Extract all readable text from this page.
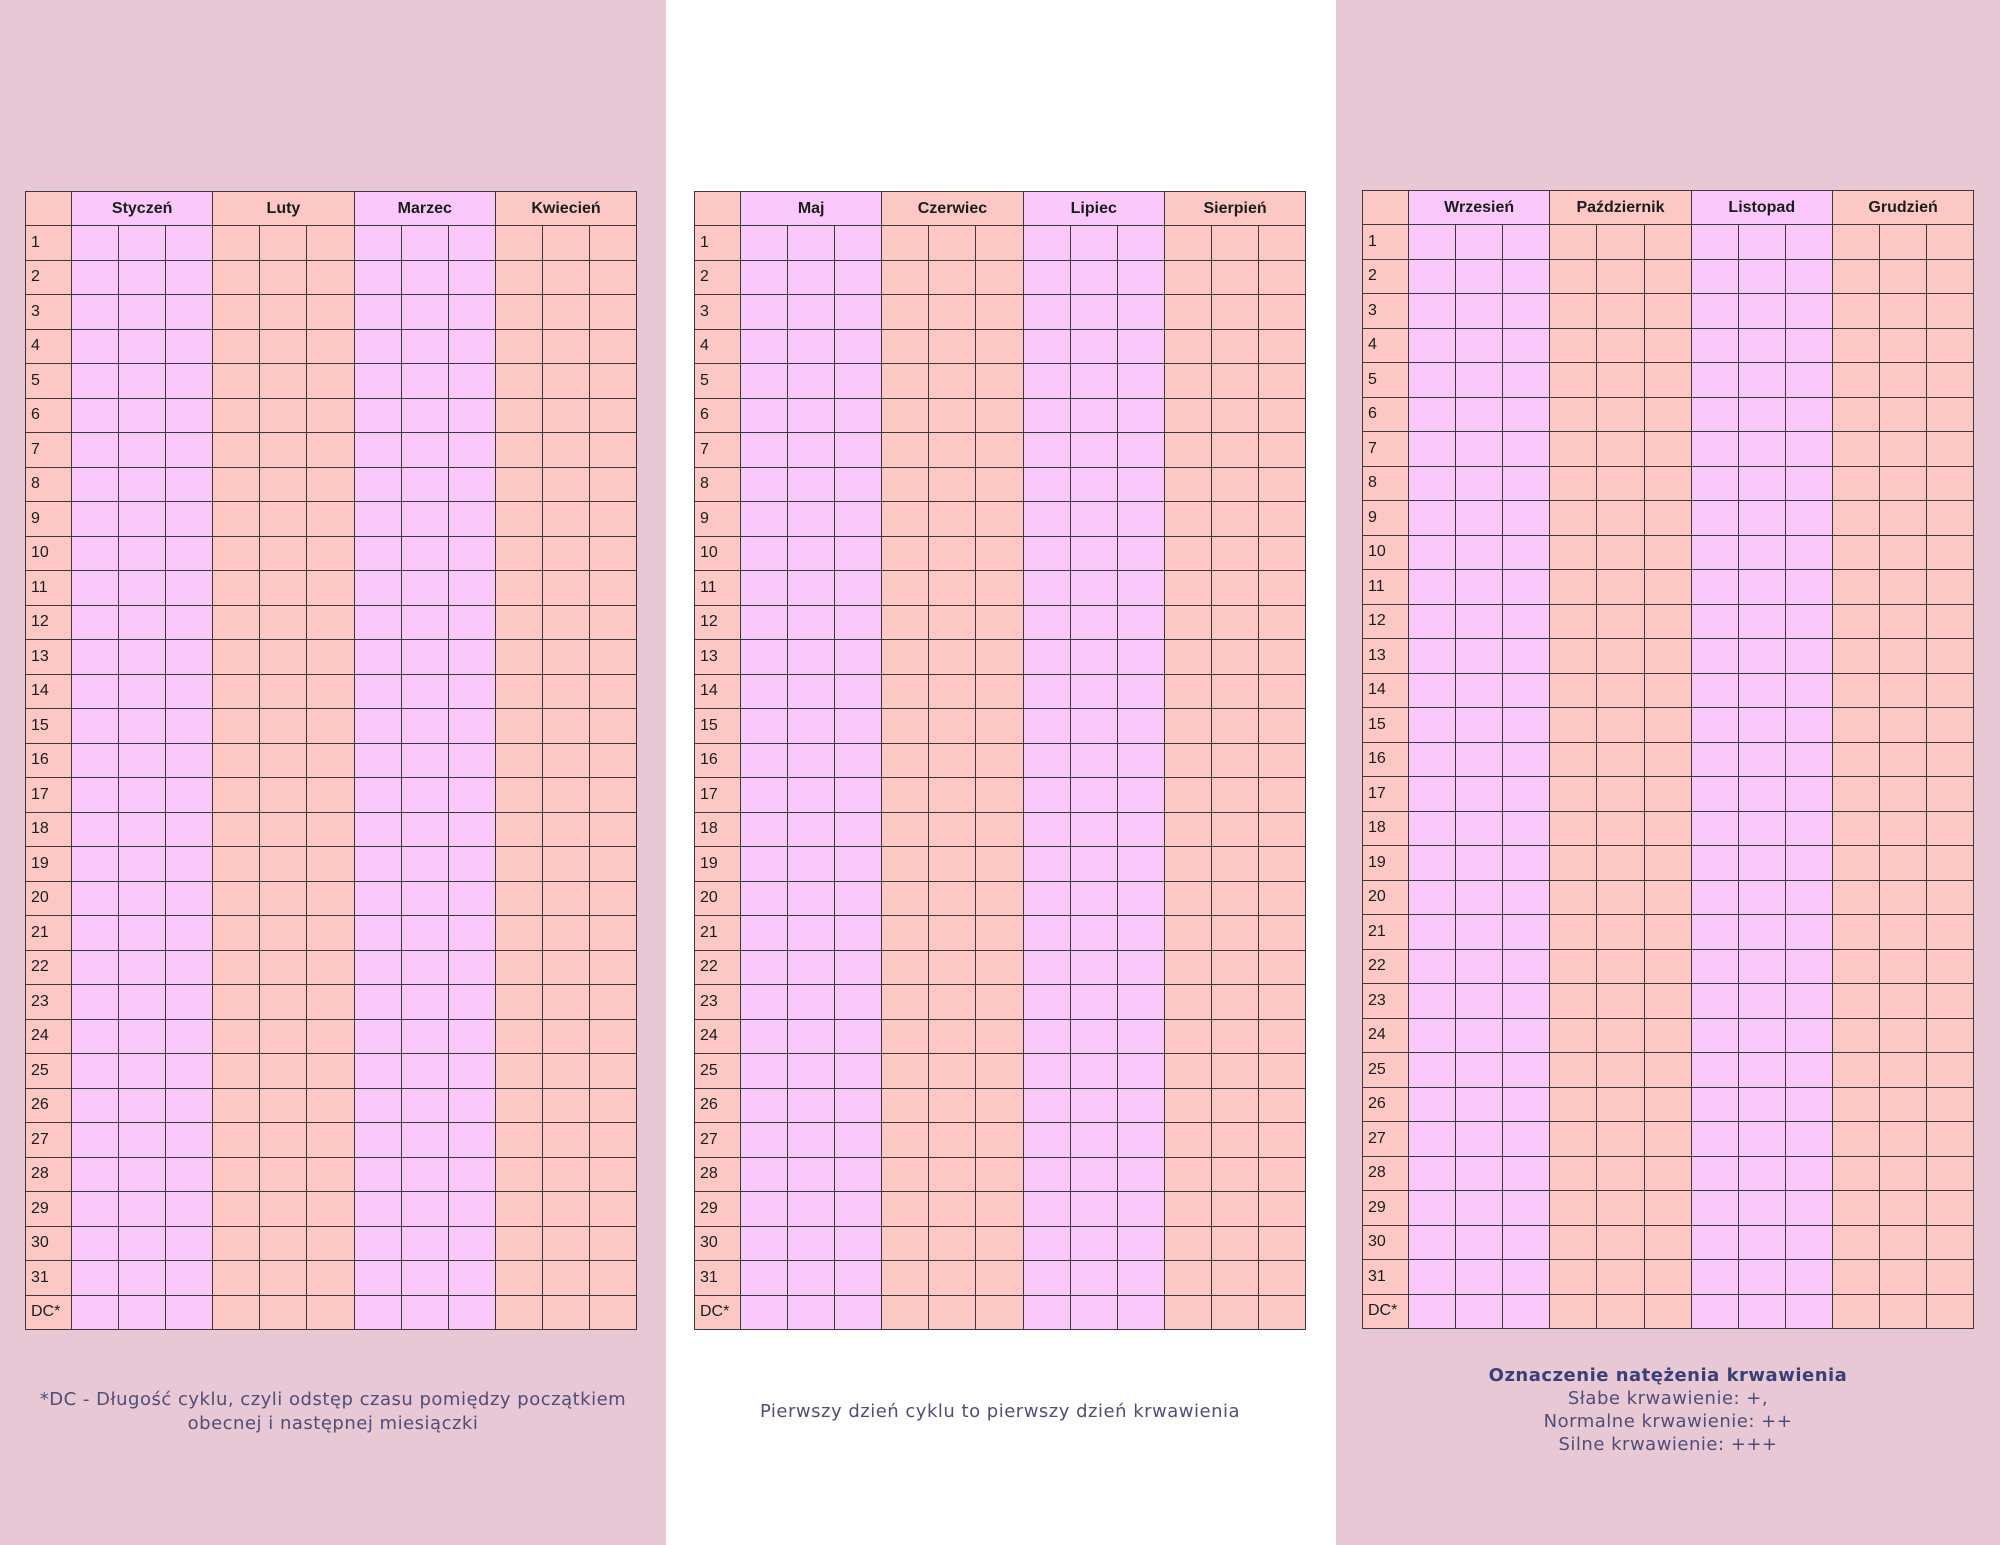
	Styczeń			Luty			Marzec			Kwiecień		
1												
2												
3												
4												
5												
6												
7												
8												
9												
10												
11												
12												
13												
14												
15												
16												
17												
18												
19												
20												
21												
22												
23												
24												
25												
26												
27												
28												
29												
30												
31												
DC*												
	Maj			Czerwiec			Lipiec			Sierpień		
1												
2												
3												
4												
5												
6												
7												
8												
9												
10												
11												
12												
13												
14												
15												
16												
17												
18												
19												
20												
21												
22												
23												
24												
25												
26												
27												
28												
29												
30												
31												
DC*												
	Wrzesień			Październik			Listopad			Grudzień		
1												
2												
3												
4												
5												
6												
7												
8												
9												
10												
11												
12												
13												
14												
15												
16												
17												
18												
19												
20												
21												
22												
23												
24												
25												
26												
27												
28												
29												
30												
31												
DC*												
*DC - Długość cyklu, czyli odstęp czasu pomiędzy początkiem
obecnej i następnej miesiączki
Pierwszy dzień cyklu to pierwszy dzień krwawienia
Oznaczenie natężenia krwawienia
Słabe krwawienie: +,
Normalne krwawienie: ++
Silne krwawienie: +++
